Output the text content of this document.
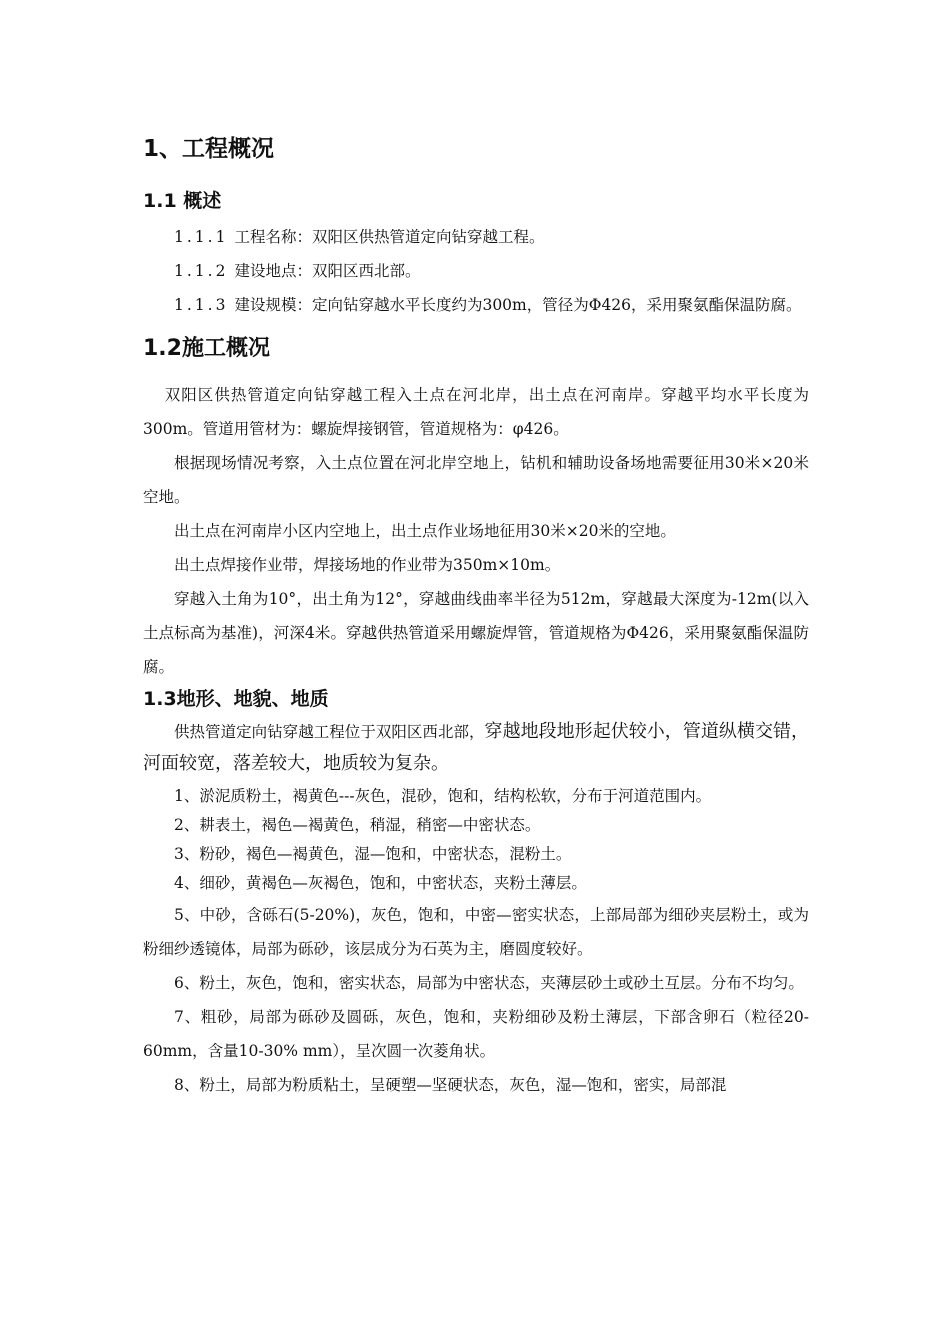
1、工程概况
1.1 概述
1.1.1 工程名称：双阳区供热管道定向钻穿越工程。
1.1.2 建设地点：双阳区西北部。
1.1.3 建设规模：定向钻穿越水平长度约为300m，管径为Φ426，采用聚氨酯保温防腐。
1.2施工概况
双阳区供热管道定向钻穿越工程入土点在河北岸，出土点在河南岸。穿越平均水平长度为300m。管道用管材为：螺旋焊接钢管，管道规格为：φ426。
根据现场情况考察，入土点位置在河北岸空地上，钻机和辅助设备场地需要征用30米×20米空地。
出土点在河南岸小区内空地上，出土点作业场地征用30米×20米的空地。
出土点焊接作业带，焊接场地的作业带为350m×10m。
穿越入土角为10°，出土角为12°，穿越曲线曲率半径为512m，穿越最大深度为-12m(以入土点标高为基准)，河深4米。穿越供热管道采用螺旋焊管，管道规格为Φ426，采用聚氨酯保温防腐。
1.3地形、地貌、地质
供热管道定向钻穿越工程位于双阳区西北部，穿越地段地形起伏较小，管道纵横交错，河面较宽，落差较大，地质较为复杂。
1、淤泥质粉土，褐黄色---灰色，混砂，饱和，结构松软，分布于河道范围内。
2、耕表土，褐色—褐黄色，稍湿，稍密—中密状态。
3、粉砂，褐色—褐黄色，湿—饱和，中密状态，混粉土。
4、细砂，黄褐色—灰褐色，饱和，中密状态，夹粉土薄层。
5、中砂，含砾石(5-20%)，灰色，饱和，中密—密实状态，上部局部为细砂夹层粉土，或为粉细纱透镜体，局部为砾砂，该层成分为石英为主，磨圆度较好。
6、粉土，灰色，饱和，密实状态，局部为中密状态，夹薄层砂土或砂土互层。分布不均匀。
7、粗砂，局部为砾砂及圆砾，灰色，饱和，夹粉细砂及粉土薄层，下部含卵石（粒径20-60mm，含量10-30% mm），呈次圆一次菱角状。
8、粉土，局部为粉质粘土，呈硬塑—坚硬状态，灰色，湿—饱和，密实，局部混
